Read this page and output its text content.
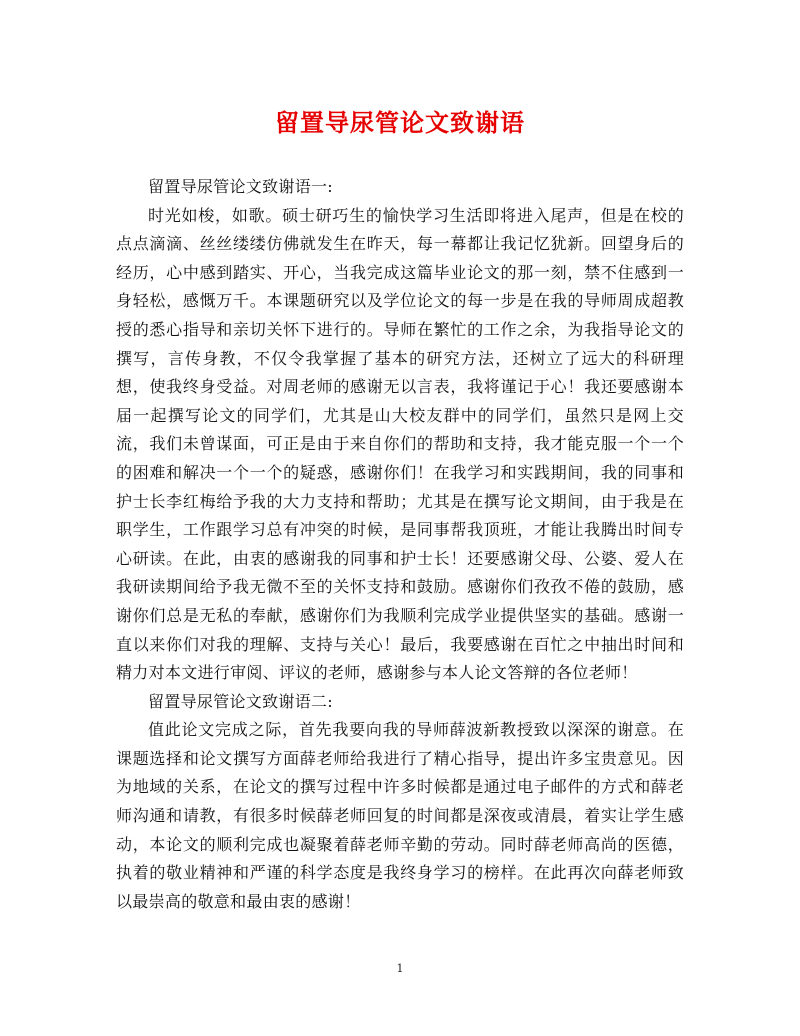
留置导尿管论文致谢语

留置导尿管论文致谢语一:

时光如梭，如歌。硕士研巧生的愉快学习生活即将进入尾声，但是在校的点点滴滴、丝丝缕缕仿佛就发生在昨天，每一幕都让我记忆犹新。回望身后的经历，心中感到踏实、开心，当我完成这篇毕业论文的那一刻，禁不住感到一身轻松，感慨万千。本课题研究以及学位论文的每一步是在我的导师周成超教授的悉心指导和亲切关怀下进行的。导师在繁忙的工作之余，为我指导论文的撰写，言传身教，不仅令我掌握了基本的研究方法，还树立了远大的科研理想，使我终身受益。对周老师的感谢无以言表，我将谨记于心！我还要感谢本届一起撰写论文的同学们，尤其是山大校友群中的同学们，虽然只是网上交流，我们未曾谋面，可正是由于来自你们的帮助和支持，我才能克服一个一个的困难和解决一个一个的疑惑，感谢你们！在我学习和实践期间，我的同事和护士长李红梅给予我的大力支持和帮助；尤其是在撰写论文期间，由于我是在职学生，工作跟学习总有冲突的时候，是同事帮我顶班，才能让我腾出时间专心研读。在此，由衷的感谢我的同事和护士长！还要感谢父母、公婆、爱人在我研读期间给予我无微不至的关怀支持和鼓励。感谢你们孜孜不倦的鼓励，感谢你们总是无私的奉献，感谢你们为我顺利完成学业提供坚实的基础。感谢一直以来你们对我的理解、支持与关心！最后，我要感谢在百忙之中抽出时间和精力对本文进行审阅、评议的老师，感谢参与本人论文答辩的各位老师！

留置导尿管论文致谢语二:

值此论文完成之际，首先我要向我的导师薛波新教授致以深深的谢意。在课题选择和论文撰写方面薛老师给我进行了精心指导，提出许多宝贵意见。因为地域的关系，在论文的撰写过程中许多时候都是通过电子邮件的方式和薛老师沟通和请教，有很多时候薛老师回复的时间都是深夜或清晨，着实让学生感动，本论文的顺利完成也凝聚着薛老师辛勤的劳动。同时薛老师高尚的医德，执着的敬业精神和严谨的科学态度是我终身学习的榜样。在此再次向薛老师致以最崇高的敬意和最由衷的感谢！

1
